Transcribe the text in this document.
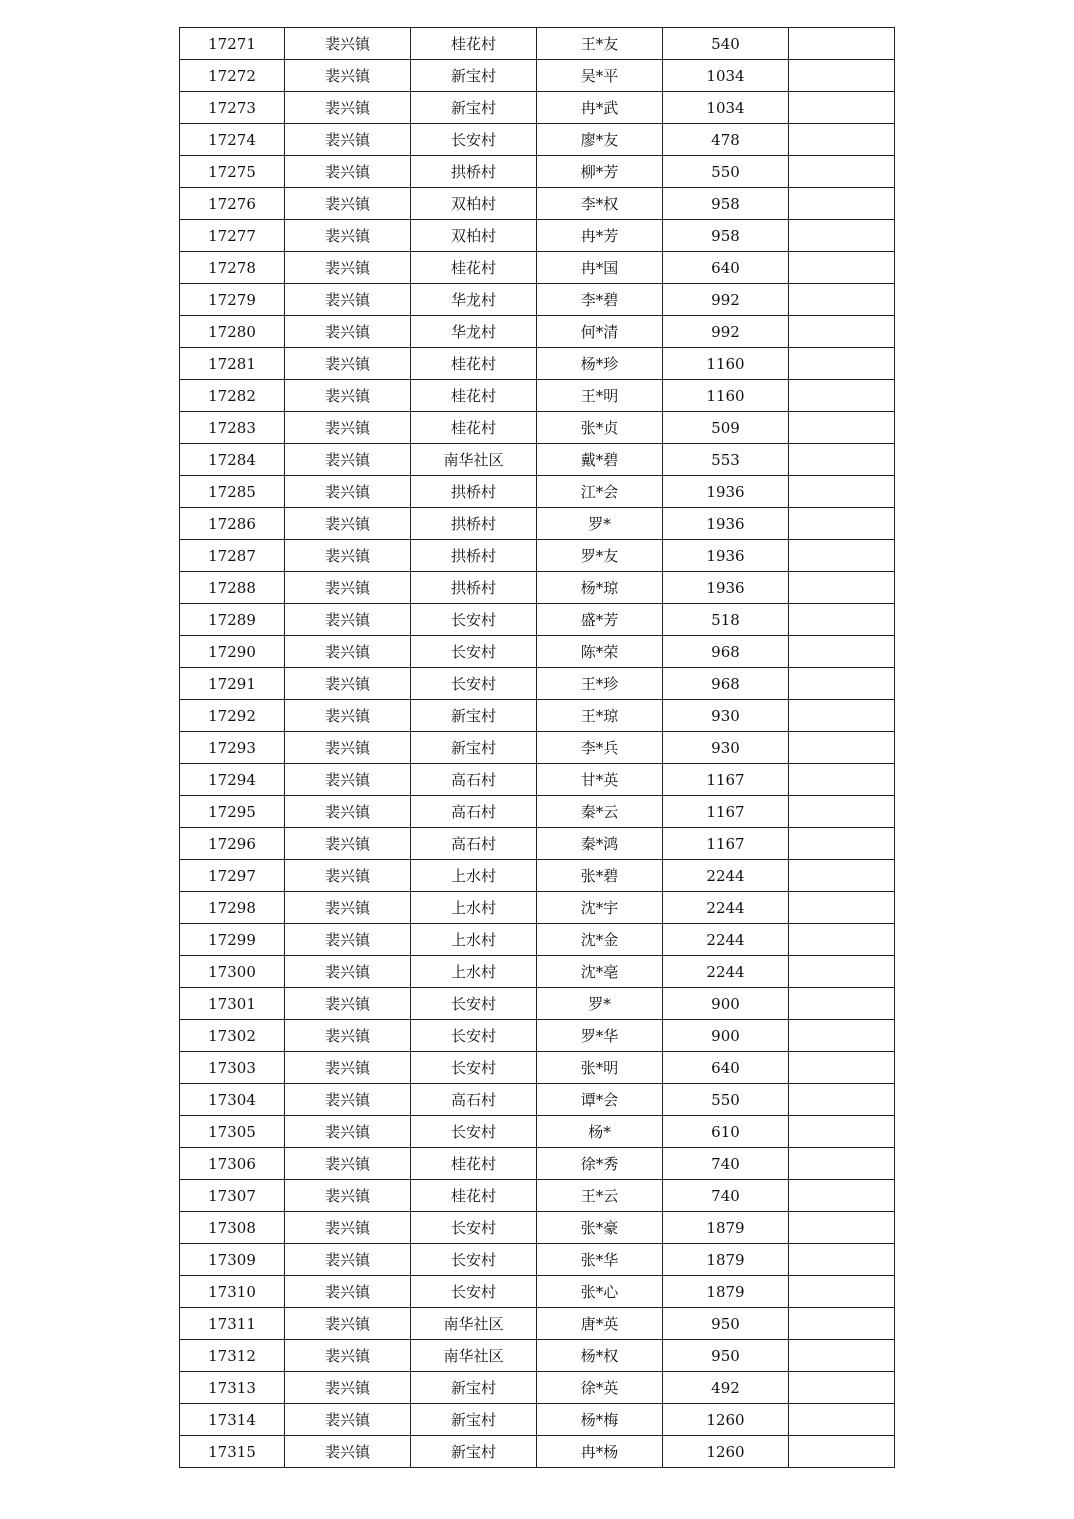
17271	裴兴镇	桂花村	王*友	540	
17272	裴兴镇	新宝村	吴*平	1034	
17273	裴兴镇	新宝村	冉*武	1034	
17274	裴兴镇	长安村	廖*友	478	
17275	裴兴镇	拱桥村	柳*芳	550	
17276	裴兴镇	双柏村	李*权	958	
17277	裴兴镇	双柏村	冉*芳	958	
17278	裴兴镇	桂花村	冉*国	640	
17279	裴兴镇	华龙村	李*碧	992	
17280	裴兴镇	华龙村	何*清	992	
17281	裴兴镇	桂花村	杨*珍	1160	
17282	裴兴镇	桂花村	王*明	1160	
17283	裴兴镇	桂花村	张*贞	509	
17284	裴兴镇	南华社区	戴*碧	553	
17285	裴兴镇	拱桥村	江*会	1936	
17286	裴兴镇	拱桥村	罗*	1936	
17287	裴兴镇	拱桥村	罗*友	1936	
17288	裴兴镇	拱桥村	杨*琼	1936	
17289	裴兴镇	长安村	盛*芳	518	
17290	裴兴镇	长安村	陈*荣	968	
17291	裴兴镇	长安村	王*珍	968	
17292	裴兴镇	新宝村	王*琼	930	
17293	裴兴镇	新宝村	李*兵	930	
17294	裴兴镇	高石村	甘*英	1167	
17295	裴兴镇	高石村	秦*云	1167	
17296	裴兴镇	高石村	秦*鸿	1167	
17297	裴兴镇	上水村	张*碧	2244	
17298	裴兴镇	上水村	沈*宇	2244	
17299	裴兴镇	上水村	沈*金	2244	
17300	裴兴镇	上水村	沈*亳	2244	
17301	裴兴镇	长安村	罗*	900	
17302	裴兴镇	长安村	罗*华	900	
17303	裴兴镇	长安村	张*明	640	
17304	裴兴镇	高石村	谭*会	550	
17305	裴兴镇	长安村	杨*	610	
17306	裴兴镇	桂花村	徐*秀	740	
17307	裴兴镇	桂花村	王*云	740	
17308	裴兴镇	长安村	张*豪	1879	
17309	裴兴镇	长安村	张*华	1879	
17310	裴兴镇	长安村	张*心	1879	
17311	裴兴镇	南华社区	唐*英	950	
17312	裴兴镇	南华社区	杨*权	950	
17313	裴兴镇	新宝村	徐*英	492	
17314	裴兴镇	新宝村	杨*梅	1260	
17315	裴兴镇	新宝村	冉*杨	1260	
